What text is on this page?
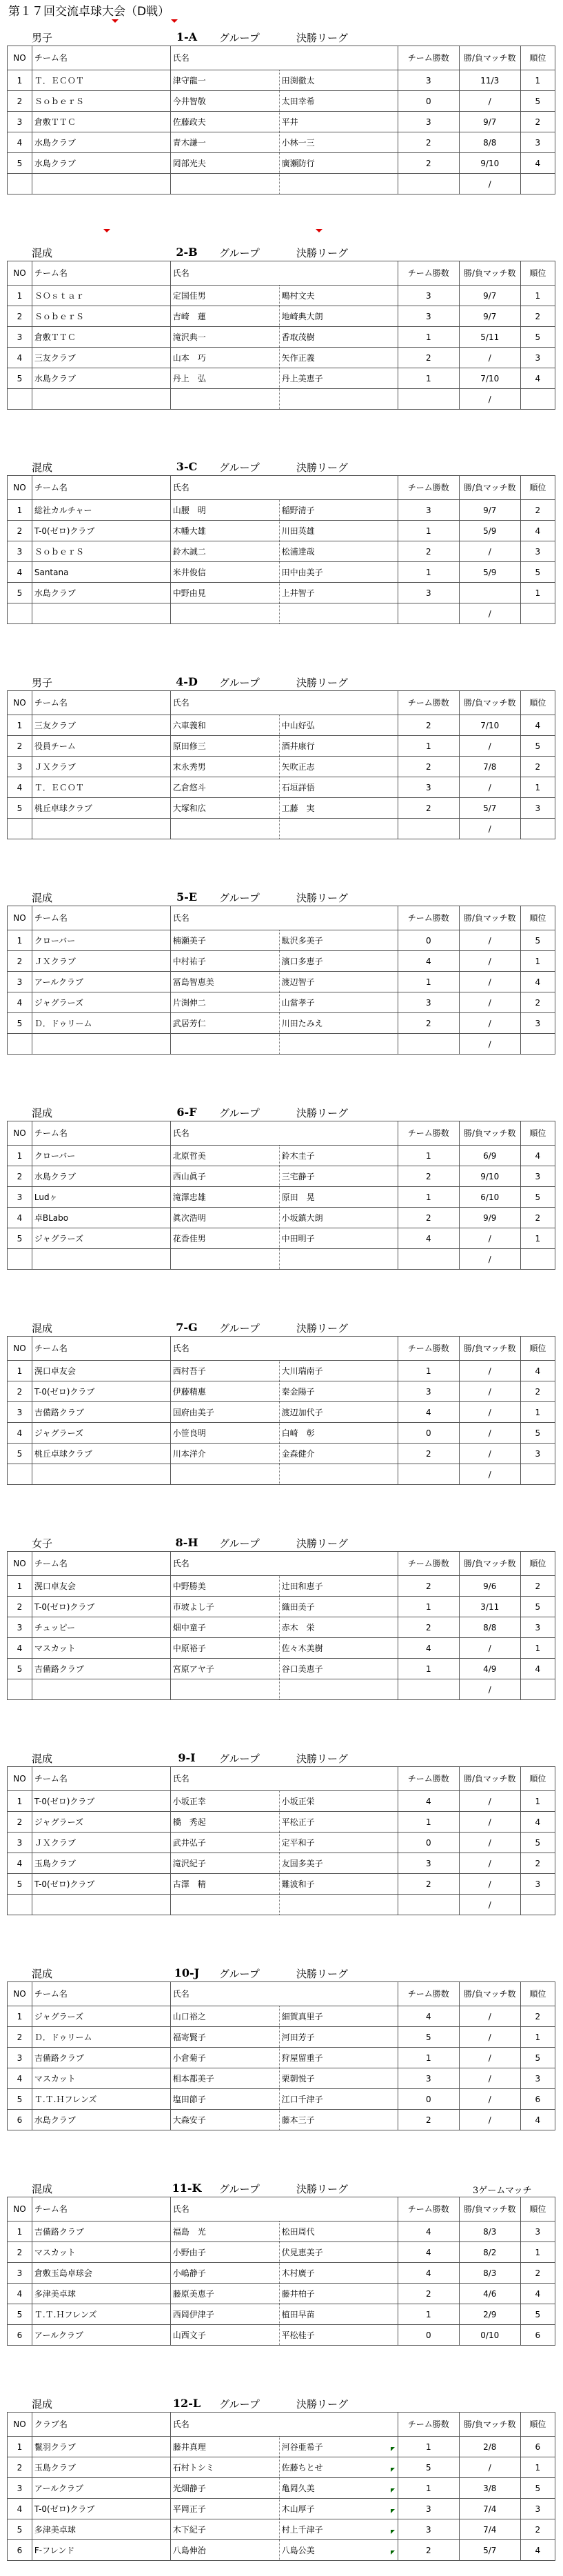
第１７回交流卓球大会（D戦）
男子	1-A	グループ	決勝リーグ
NO	チーム名	氏名		チーム勝数	勝/負マッチ数	順位
1	Ｔ．ＥＣＯＴ	津守龍一	田渕徹太	3	11/3	1
2	ＳｏｂｅｒＳ	今井智敬	太田幸希	0	/	5
3	倉敷ＴＴＣ	佐藤政夫	平井	3	9/7	2
4	水島クラブ	青木謙一	小林一三	2	8/8	3
5	水島クラブ	岡部光夫	廣瀬防行	2	9/10	4
					/	
混成	2-B	グループ	決勝リーグ
NO	チーム名	氏名		チーム勝数	勝/負マッチ数	順位
1	ＳＯｓｔａｒ	定国佳男	鴫村文夫	3	9/7	1
2	ＳｏｂｅｒＳ	吉崎　蓮	地崎典大朗	3	9/7	2
3	倉敷ＴＴＣ	滝沢典一	香取茂樹	1	5/11	5
4	三友クラブ	山本　巧	矢作正義	2	/	3
5	水島クラブ	丹上　弘	丹上美恵子	1	7/10	4
					/	
混成	3-C	グループ	決勝リーグ
NO	チーム名	氏名		チーム勝数	勝/負マッチ数	順位
1	総社カルチャー	山腰　明	稲野清子	3	9/7	2
2	T-0(ゼロ)クラブ	木幡大雄	川田英雄	1	5/9	4
3	ＳｏｂｅｒＳ	鈴木誠二	松浦達哉	2	/	3
4	Santana	米井俊信	田中由美子	1	5/9	5
5	水島クラブ	中野由見	上井智子	3		1
					/	
男子	4-D	グループ	決勝リーグ
NO	チーム名	氏名		チーム勝数	勝/負マッチ数	順位
1	三友クラブ	六車義和	中山好弘	2	7/10	4
2	役員チーム	原田修三	酒井康行	1	/	5
3	ＪＸクラブ	末永秀男	矢吹正志	2	7/8	2
4	Ｔ．ＥＣＯＴ	乙倉悠斗	石垣詳悟	3	/	1
5	桃丘卓球クラブ	大塚和広	工藤　実	2	5/7	3
					/	
混成	5-E	グループ	決勝リーグ
NO	チーム名	氏名		チーム勝数	勝/負マッチ数	順位
1	クローバー	楠瀬美子	駄沢多美子	0	/	5
2	ＪＸクラブ	中村祐子	濱口多恵子	4	/	1
3	アールクラブ	冨島智恵美	渡辺智子	1	/	4
4	ジャグラーズ	片渕伸二	山當孝子	3	/	2
5	Ｄ．ドゥリーム	武居芳仁	川田たみえ	2	/	3
					/	
混成	6-F	グループ	決勝リーグ
NO	チーム名	氏名		チーム勝数	勝/負マッチ数	順位
1	クローバー	北原哲美	鈴木圭子	1	6/9	4
2	水島クラブ	西山眞子	三宅静子	2	9/10	3
3	Ludヶ	滝澤忠雄	原田　晃	1	6/10	5
4	卓BLabo	眞次浩明	小坂鎮大朗	2	9/9	2
5	ジャグラーズ	花香佳男	中田明子	4	/	1
					/	
混成	7-G	グループ	決勝リーグ
NO	チーム名	氏名		チーム勝数	勝/負マッチ数	順位
1	滉口卓友会	西村吾子	大川瑞南子	1	/	4
2	T-0(ゼロ)クラブ	伊藤精惠	秦金陽子	3	/	2
3	吉備路クラブ	国府由美子	渡辺加代子	4	/	1
4	ジャグラーズ	小笹良明	白崎　彰	0	/	5
5	桃丘卓球クラブ	川本洋介	金森健介	2	/	3
					/	
女子	8-H	グループ	決勝リーグ
NO	チーム名	氏名		チーム勝数	勝/負マッチ数	順位
1	滉口卓友会	中野勝美	辻田和恵子	2	9/6	2
2	T-0(ゼロ)クラブ	市坡よし子	織田美子	1	3/11	5
3	チュッピー	畑中童子	赤木　栄	2	8/8	3
4	マスカット	中原裕子	佐々木美樹	4	/	1
5	吉備路クラブ	宮原アヤ子	谷口美恵子	1	4/9	4
					/	
混成	9-I	グループ	決勝リーグ
NO	チーム名	氏名		チーム勝数	勝/負マッチ数	順位
1	T-0(ゼロ)クラブ	小坂正幸	小坂正栄	4	/	1
2	ジャグラーズ	橋　秀起	平松正子	1	/	4
3	ＪＸクラブ	武井弘子	定平和子	0	/	5
4	玉島クラブ	滝沢紀子	友国多美子	3	/	2
5	T-0(ゼロ)クラブ	古澤　精	難波和子	2	/	3
					/	
混成	10-J	グループ	決勝リーグ
NO	チーム名	氏名		チーム勝数	勝/負マッチ数	順位
1	ジャグラーズ	山口裕之	細賀真里子	4	/	2
2	Ｄ．ドゥリーム	福寄賢子	河田芳子	5	/	1
3	吉備路クラブ	小倉菊子	狩屋留重子	1	/	5
4	マスカット	相本都美子	栗朝悦子	3	/	3
5	Ｔ.Ｔ.Ｈフレンズ	塩田節子	江口千津子	0	/	6
6	水島クラブ	大森安子	藤本三子	2	/	4
混成	11-K	グループ	決勝リーグ	3ゲームマッチ
NO	チーム名	氏名		チーム勝数	勝/負マッチ数	順位
1	吉備路クラブ	福島　光	松田周代	4	8/3	3
2	マスカット	小野由子	伏見恵美子	4	8/2	1
3	倉敷玉島卓球会	小嶋静子	木村廣子	4	8/3	2
4	多津美卓球	藤原美恵子	藤井柏子	2	4/6	4
5	Ｔ.Ｔ.Ｈフレンズ	西岡伊津子	植田早苗	1	2/9	5
6	アールクラブ	山西文子	平松桂子	0	0/10	6
混成	12-L	グループ	決勝リーグ
NO	クラブ名	氏名		チーム勝数	勝/負マッチ数	順位
1	鬣羽クラブ	藤井真理	河谷亜希子	1	2/8	6
2	玉島クラブ	石村トシミ	佐藤ちとせ	5	/	1
3	アールクラブ	光畑静子	亀岡久美	1	3/8	5
4	T-0(ゼロ)クラブ	平岡正子	木山厚子	3	7/4	3
5	多津美卓球	木下紀子	村上千津子	3	7/4	2
6	F-フレンド	八島伸治	八島公美	2	5/7	4
